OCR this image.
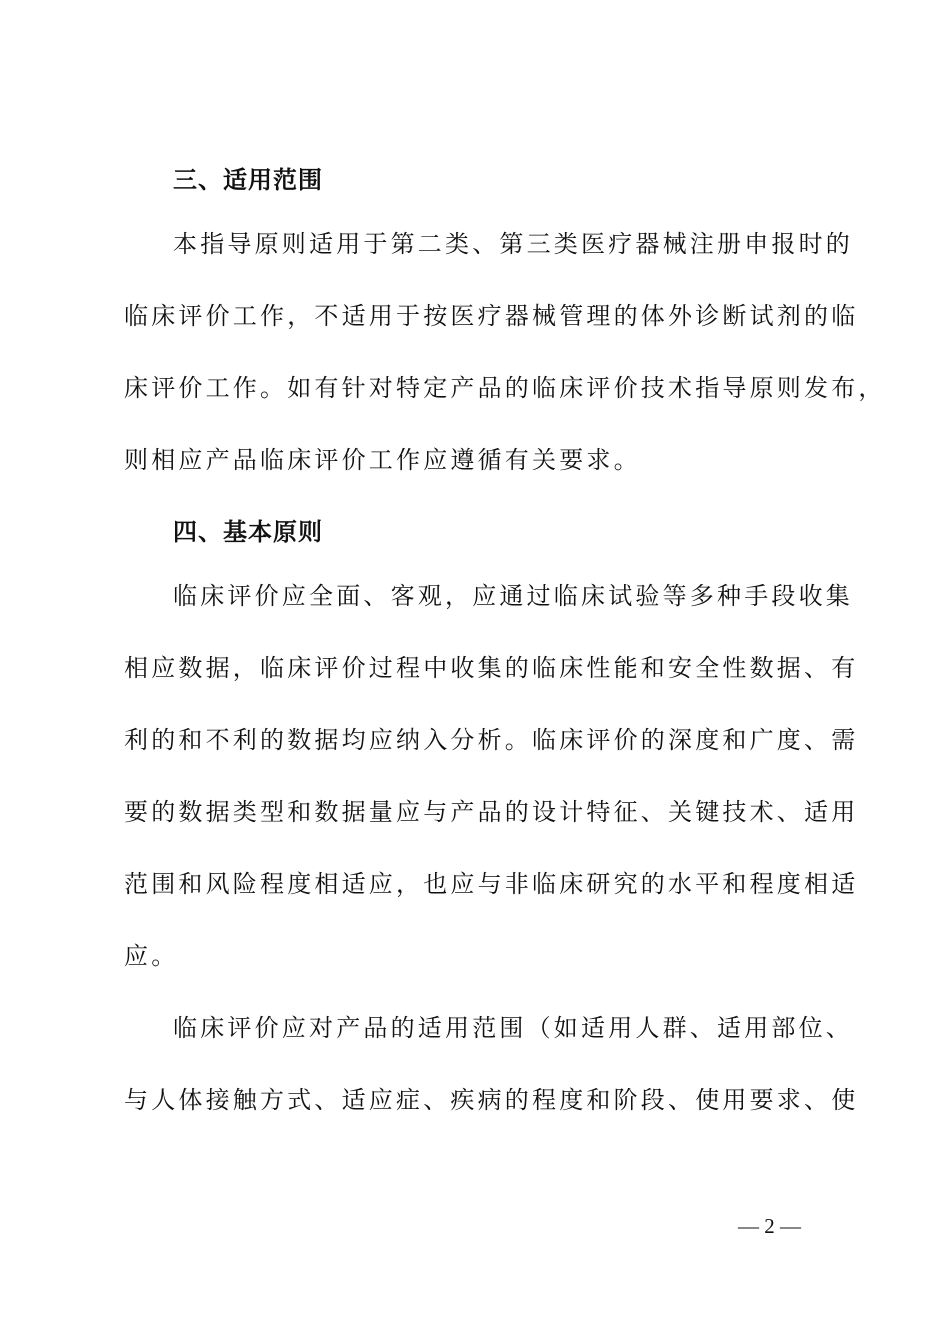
三、适用范围
本指导原则适用于第二类、第三类医疗器械注册申报时的
临床评价工作，不适用于按医疗器械管理的体外诊断试剂的临
床评价工作。如有针对特定产品的临床评价技术指导原则发布，
则相应产品临床评价工作应遵循有关要求。
四、基本原则
临床评价应全面、客观，应通过临床试验等多种手段收集
相应数据，临床评价过程中收集的临床性能和安全性数据、有
利的和不利的数据均应纳入分析。临床评价的深度和广度、需
要的数据类型和数据量应与产品的设计特征、关键技术、适用
范围和风险程度相适应，也应与非临床研究的水平和程度相适
应。
临床评价应对产品的适用范围（如适用人群、适用部位、
与人体接触方式、适应症、疾病的程度和阶段、使用要求、使
— 2 —
